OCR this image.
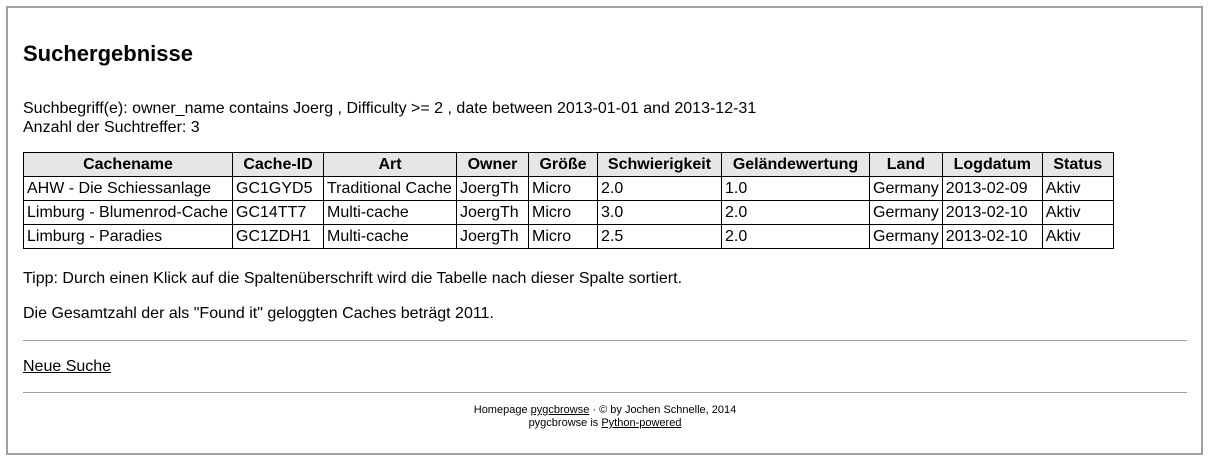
Suchergebnisse
Suchbegriff(e): owner_name contains Joerg , Difficulty >= 2 , date between 2013-01-01 and 2013-12-31
Anzahl der Suchtreffer: 3
Cachename	Cache-ID	Art	Owner	Größe	Schwierigkeit	Geländewertung	Land	Logdatum	Status
AHW - Die Schiessanlage	GC1GYD5	Traditional Cache	JoergTh	Micro	2.0	1.0	Germany	2013-02-09	Aktiv
Limburg - Blumenrod-Cache	GC14TT7	Multi-cache	JoergTh	Micro	3.0	2.0	Germany	2013-02-10	Aktiv
Limburg - Paradies	GC1ZDH1	Multi-cache	JoergTh	Micro	2.5	2.0	Germany	2013-02-10	Aktiv
Tipp: Durch einen Klick auf die Spaltenüberschrift wird die Tabelle nach dieser Spalte sortiert.
Die Gesamtzahl der als "Found it" geloggten Caches beträgt 2011.
Neue Suche
Homepage pygcbrowse · © by Jochen Schnelle, 2014
pygcbrowse is Python-powered
